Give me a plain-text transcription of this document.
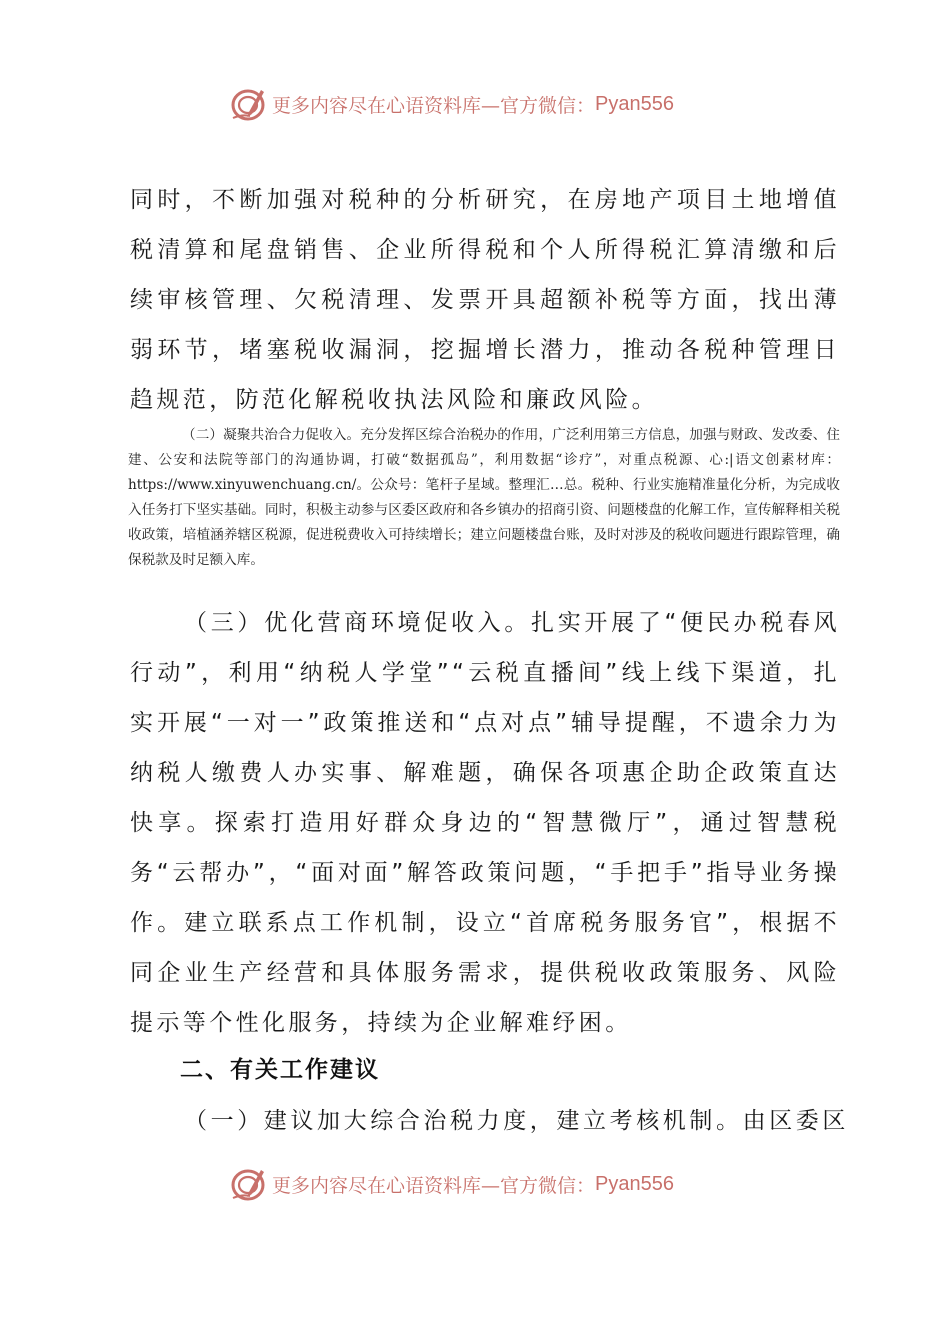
更多内容尽在心语资料库—官方微信： Pyan556

同时，不断加强对税种的分析研究，在房地产项目土地增值税清算和尾盘销售、企业所得税和个人所得税汇算清缴和后续审核管理、欠税清理、发票开具超额补税等方面，找出薄弱环节，堵塞税收漏洞，挖掘增长潜力，推动各税种管理日趋规范，防范化解税收执法风险和廉政风险。

（二）凝聚共治合力促收入。充分发挥区综合治税办的作用，广泛利用第三方信息，加强与财政、发改委、住建、公安和法院等部门的沟通协调，打破“数据孤岛”，利用数据“诊疗”，对重点税源、心:|语文创素材库：https://www.xinyuwenchuang.cn/。公众号：笔杆子星域。整理汇…总。税种、行业实施精准量化分析，为完成收入任务打下坚实基础。同时，积极主动参与区委区政府和各乡镇办的招商引资、问题楼盘的化解工作，宣传解释相关税收政策，培植涵养辖区税源，促进税费收入可持续增长；建立问题楼盘台账，及时对涉及的税收问题进行跟踪管理，确保税款及时足额入库。

（三）优化营商环境促收入。扎实开展了“便民办税春风行动”，利用“纳税人学堂”“云税直播间”线上线下渠道，扎实开展“一对一”政策推送和“点对点”辅导提醒，不遗余力为纳税人缴费人办实事、解难题，确保各项惠企助企政策直达快享。探索打造用好群众身边的“智慧微厅”，通过智慧税务“云帮办”，“面对面”解答政策问题，“手把手”指导业务操作。建立联系点工作机制，设立“首席税务服务官”，根据不同企业生产经营和具体服务需求，提供税收政策服务、风险提示等个性化服务，持续为企业解难纾困。

二、有关工作建议

（一）建议加大综合治税力度，建立考核机制。由区委区

更多内容尽在心语资料库—官方微信： Pyan556
